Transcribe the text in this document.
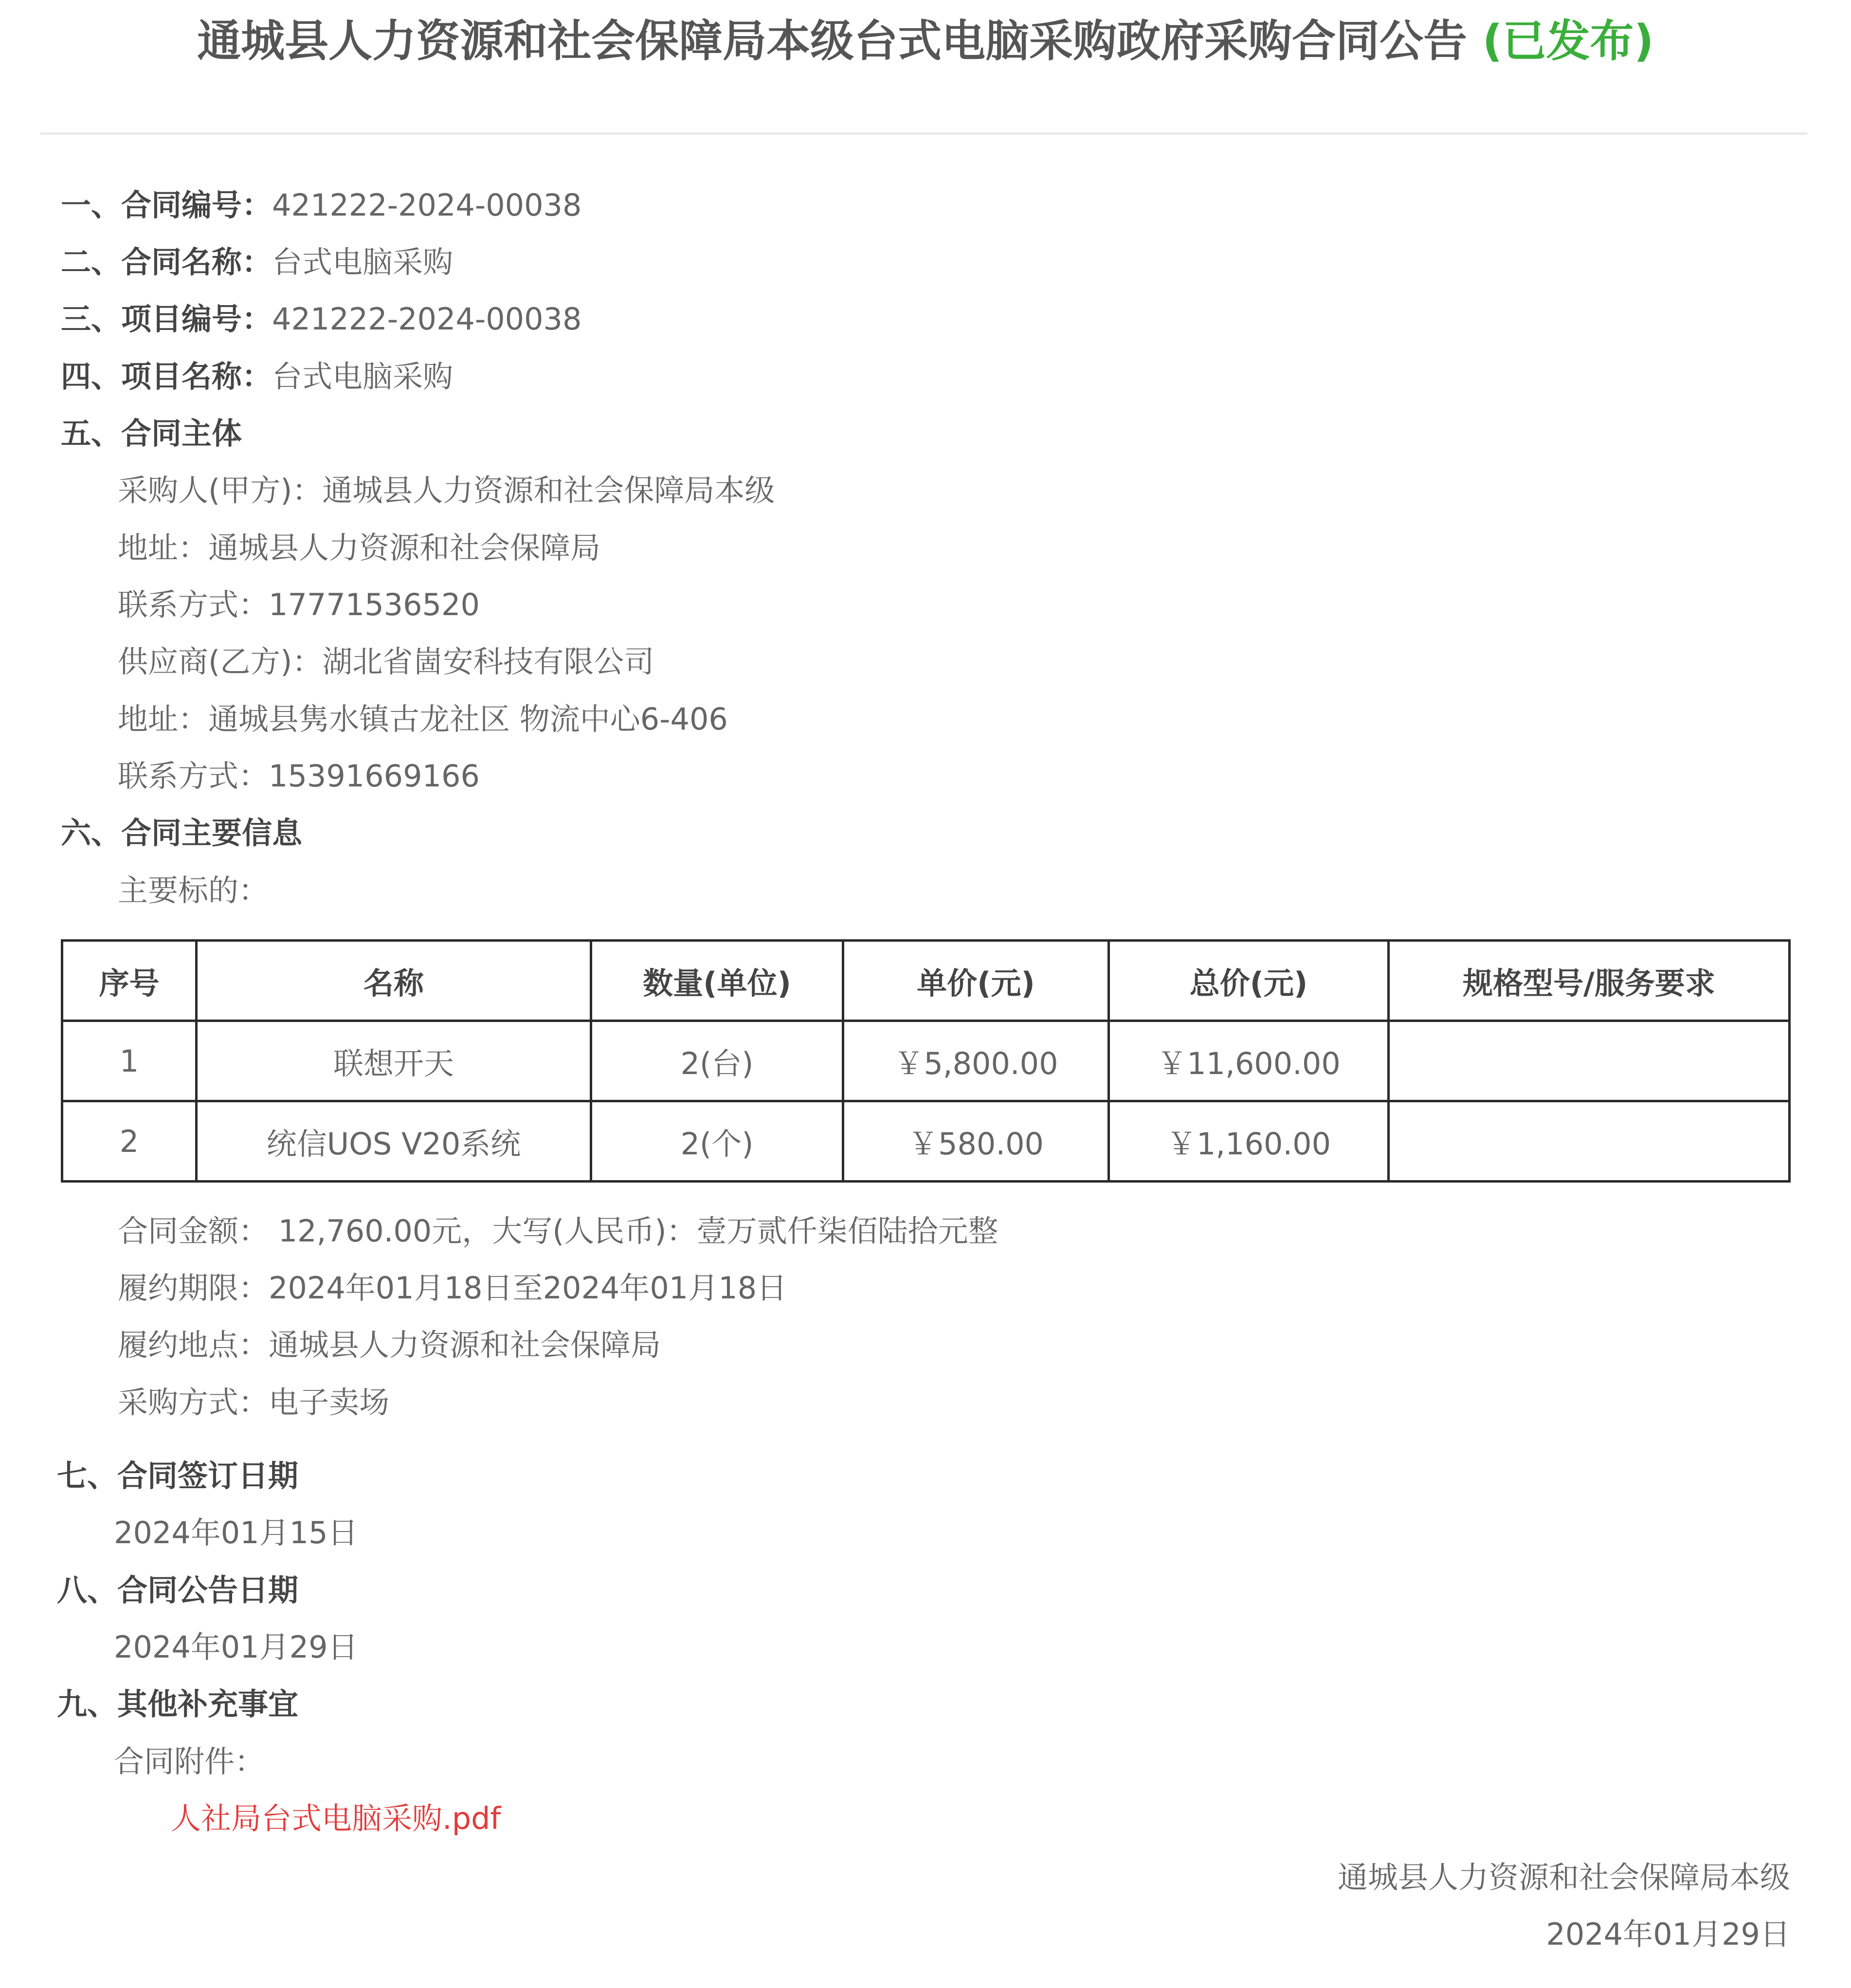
通城县人力资源和社会保障局本级台式电脑采购政府采购合同公告 (已发布)
一、合同编号：421222-2024-00038
二、合同名称：台式电脑采购
三、项目编号：421222-2024-00038
四、项目名称：台式电脑采购
五、合同主体
采购人(甲方)：通城县人力资源和社会保障局本级
地址：通城县人力资源和社会保障局
联系方式：17771536520
供应商(乙方)：湖北省崮安科技有限公司
地址：通城县隽水镇古龙社区 物流中心6-406
联系方式：15391669166
六、合同主要信息
主要标的：
序号	名称	数量(单位)	单价(元)	总价(元)	规格型号/服务要求
1	联想开天	2(台)	￥5,800.00	￥11,600.00	
2	统信UOS V20系统	2(个)	￥580.00	￥1,160.00	
合同金额： 12,760.00元，大写(人民币)：壹万贰仟柒佰陆拾元整
履约期限：2024年01月18日至2024年01月18日
履约地点：通城县人力资源和社会保障局
采购方式：电子卖场
七、合同签订日期
2024年01月15日
八、合同公告日期
2024年01月29日
九、其他补充事宜
合同附件：
人社局台式电脑采购.pdf
通城县人力资源和社会保障局本级
2024年01月29日
